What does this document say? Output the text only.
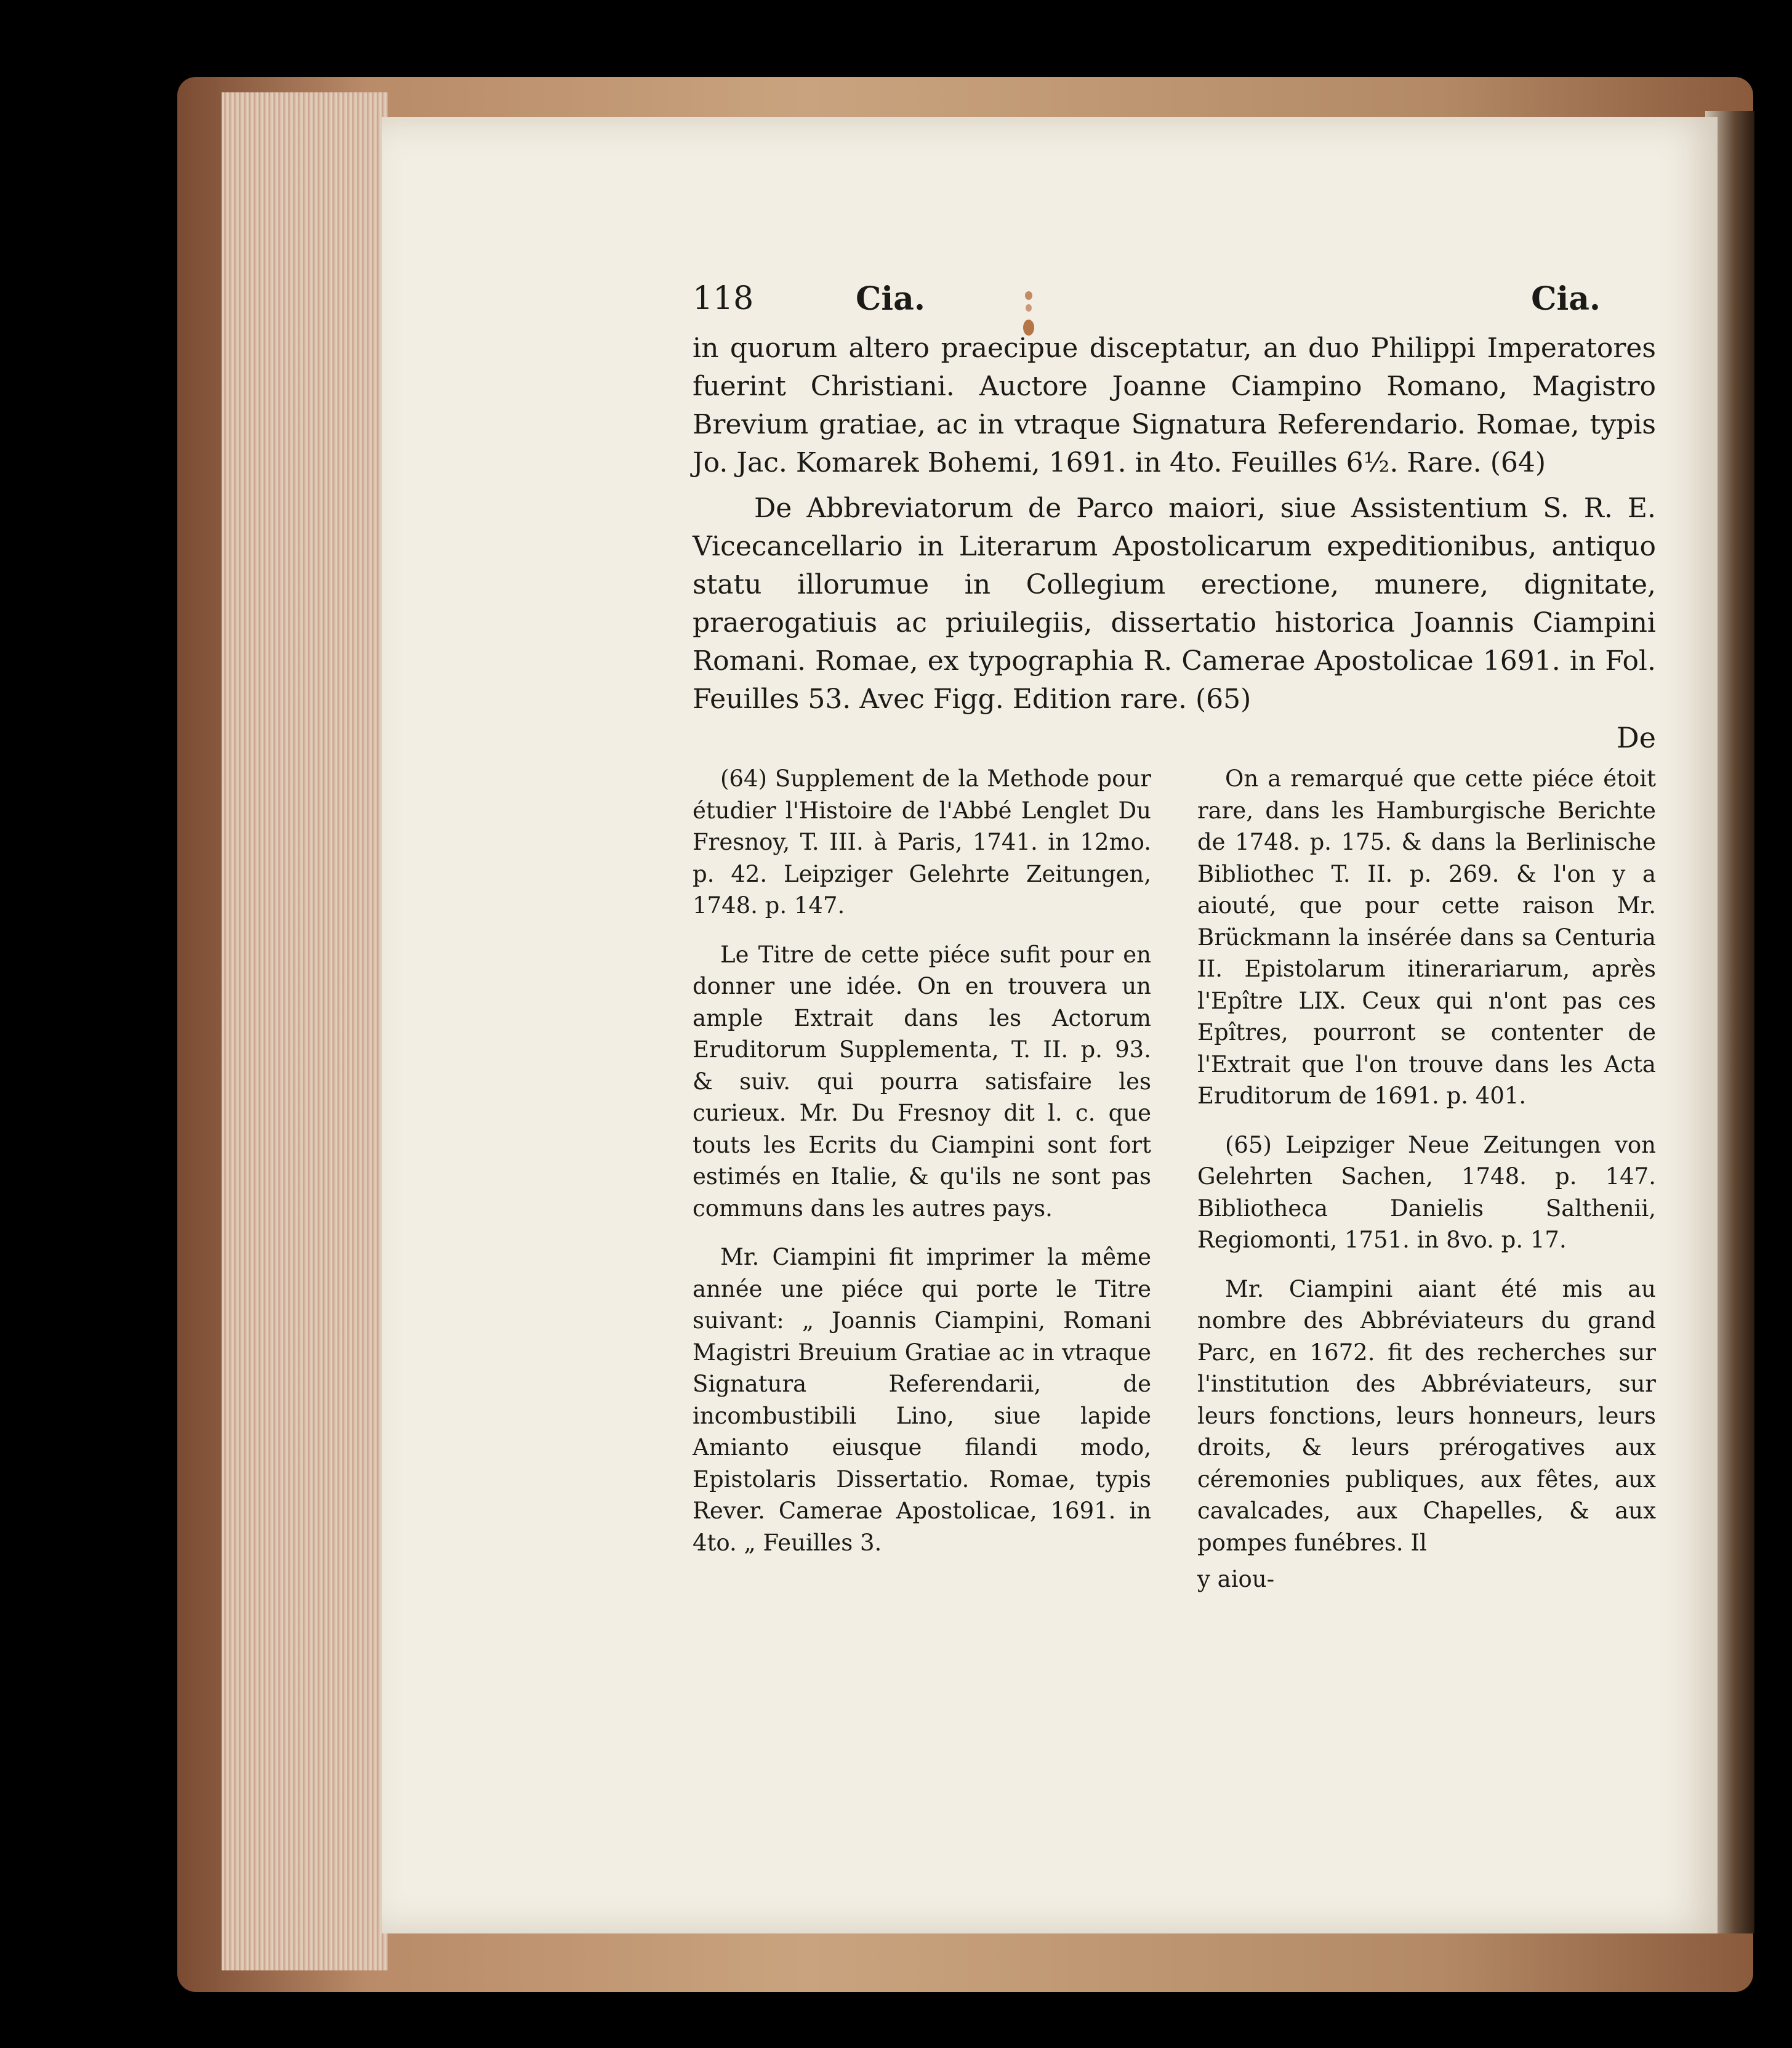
118	Cia.	Cia.

in quorum altero praecipue disceptatur, an duo Philippi Imperatores fuerint Christiani. Auctore Joanne Ciampino Romano, Magistro Brevium gratiae, ac in vtraque Signatura Referendario. Romae, typis Jo. Jac. Komarek Bohemi, 1691. in 4to. Feuilles 6½. Rare. (64)

De Abbreviatorum de Parco maiori, siue Assistentium S. R. E. Vicecancellario in Literarum Apostolicarum expeditionibus, antiquo statu illorumue in Collegium erectione, munere, dignitate, praerogatiuis ac priuilegiis, dissertatio historica Joannis Ciampini Romani. Romae, ex typographia R. Camerae Apostolicae 1691. in Fol. Feuilles 53. Avec Figg. Edition rare. (65)

De

(64) Supplement de la Methode pour étudier l'Histoire de l'Abbé Lenglet Du Fresnoy, T. III. à Paris, 1741. in 12mo. p. 42. Leipziger Gelehrte Zeitungen, 1748. p. 147.

Le Titre de cette piéce sufit pour en donner une idée. On en trouvera un ample Extrait dans les Actorum Eruditorum Supplementa, T. II. p. 93. & suiv. qui pourra satisfaire les curieux. Mr. Du Fresnoy dit l. c. que touts les Ecrits du Ciampini sont fort estimés en Italie, & qu'ils ne sont pas communs dans les autres pays.

Mr. Ciampini fit imprimer la même année une piéce qui porte le Titre suivant: „ Joannis Ciampini, Romani Magistri Breuium Gratiae ac in vtraque Signatura Referendarii, de incombustibili Lino, siue lapide Amianto eiusque filandi modo, Epistolaris Dissertatio. Romae, typis Rever. Camerae Apostolicae, 1691. in 4to. „ Feuilles 3.

On a remarqué que cette piéce étoit rare, dans les Hamburgische Berichte de 1748. p. 175. & dans la Berlinische Bibliothec T. II. p. 269. & l'on y a aiouté, que pour cette raison Mr. Brückmann la insérée dans sa Centuria II. Epistolarum itinerariarum, après l'Epître LIX. Ceux qui n'ont pas ces Epîtres, pourront se contenter de l'Extrait que l'on trouve dans les Acta Eruditorum de 1691. p. 401.

(65) Leipziger Neue Zeitungen von Gelehrten Sachen, 1748. p. 147. Bibliotheca Danielis Salthenii, Regiomonti, 1751. in 8vo. p. 17.

Mr. Ciampini aiant été mis au nombre des Abbréviateurs du grand Parc, en 1672. fit des recherches sur l'institution des Abbréviateurs, sur leurs fonctions, leurs honneurs, leurs droits, & leurs prérogatives aux céremonies publiques, aux fêtes, aux cavalcades, aux Chapelles, & aux pompes funébres. Il

y aiou-
